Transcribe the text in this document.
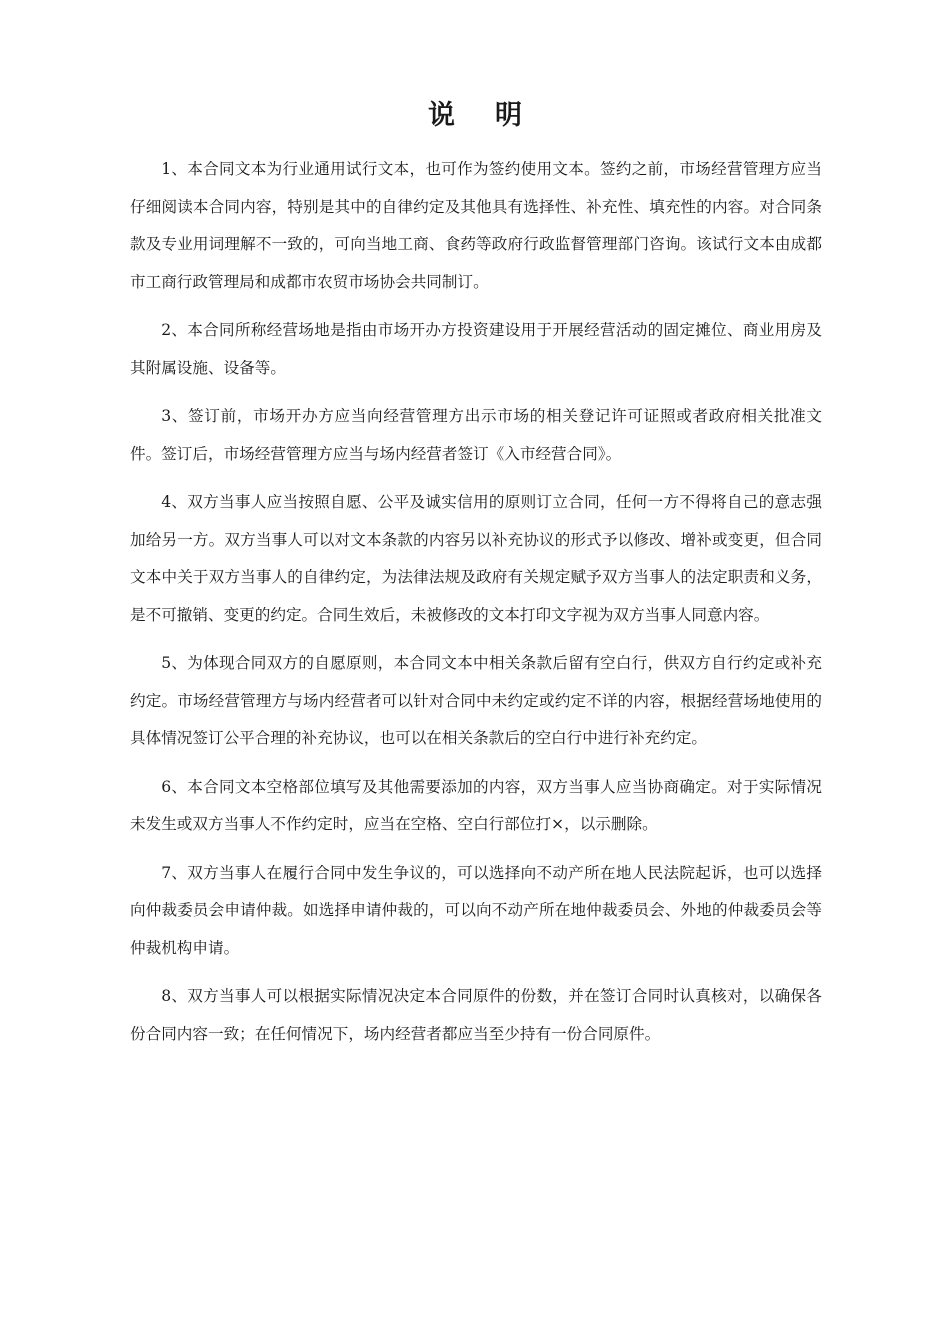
说明

1、本合同文本为行业通用试行文本，也可作为签约使用文本。签约之前，市场经营管理方应当仔细阅读本合同内容，特别是其中的自律约定及其他具有选择性、补充性、填充性的内容。对合同条款及专业用词理解不一致的，可向当地工商、食药等政府行政监督管理部门咨询。该试行文本由成都市工商行政管理局和成都市农贸市场协会共同制订。

2、本合同所称经营场地是指由市场开办方投资建设用于开展经营活动的固定摊位、商业用房及其附属设施、设备等。

3、签订前，市场开办方应当向经营管理方出示市场的相关登记许可证照或者政府相关批准文件。签订后，市场经营管理方应当与场内经营者签订《入市经营合同》。

4、双方当事人应当按照自愿、公平及诚实信用的原则订立合同，任何一方不得将自己的意志强加给另一方。双方当事人可以对文本条款的内容另以补充协议的形式予以修改、增补或变更，但合同文本中关于双方当事人的自律约定，为法律法规及政府有关规定赋予双方当事人的法定职责和义务，是不可撤销、变更的约定。合同生效后，未被修改的文本打印文字视为双方当事人同意内容。

5、为体现合同双方的自愿原则，本合同文本中相关条款后留有空白行，供双方自行约定或补充约定。市场经营管理方与场内经营者可以针对合同中未约定或约定不详的内容，根据经营场地使用的具体情况签订公平合理的补充协议，也可以在相关条款后的空白行中进行补充约定。

6、本合同文本空格部位填写及其他需要添加的内容，双方当事人应当协商确定。对于实际情况未发生或双方当事人不作约定时，应当在空格、空白行部位打×，以示删除。

7、双方当事人在履行合同中发生争议的，可以选择向不动产所在地人民法院起诉，也可以选择向仲裁委员会申请仲裁。如选择申请仲裁的，可以向不动产所在地仲裁委员会、外地的仲裁委员会等仲裁机构申请。

8、双方当事人可以根据实际情况决定本合同原件的份数，并在签订合同时认真核对，以确保各份合同内容一致；在任何情况下，场内经营者都应当至少持有一份合同原件。
